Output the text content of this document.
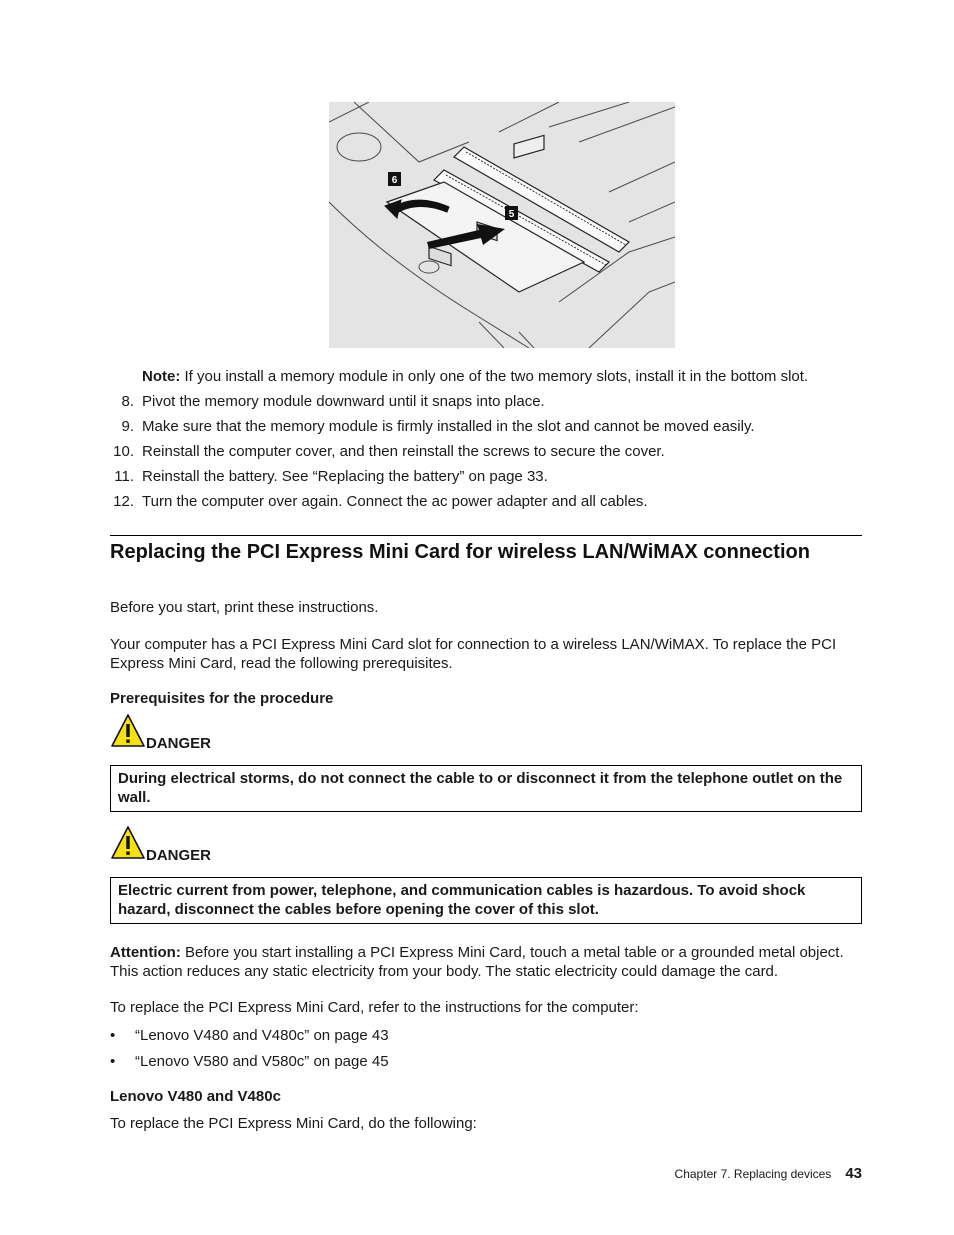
6
5
Note: If you install a memory module in only one of the two memory slots, install it in the bottom slot.
8. Pivot the memory module downward until it snaps into place.
9. Make sure that the memory module is firmly installed in the slot and cannot be moved easily.
10. Reinstall the computer cover, and then reinstall the screws to secure the cover.
11. Reinstall the battery. See “Replacing the battery” on page 33.
12. Turn the computer over again. Connect the ac power adapter and all cables.
Replacing the PCI Express Mini Card for wireless LAN/WiMAX connection
Before you start, print these instructions.
Your computer has a PCI Express Mini Card slot for connection to a wireless LAN/WiMAX. To replace the PCI Express Mini Card, read the following prerequisites.
Prerequisites for the procedure
DANGER
During electrical storms, do not connect the cable to or disconnect it from the telephone outlet on the wall.
DANGER
Electric current from power, telephone, and communication cables is hazardous. To avoid shock hazard, disconnect the cables before opening the cover of this slot.
Attention: Before you start installing a PCI Express Mini Card, touch a metal table or a grounded metal object. This action reduces any static electricity from your body. The static electricity could damage the card.
To replace the PCI Express Mini Card, refer to the instructions for the computer:
• “Lenovo V480 and V480c” on page 43
• “Lenovo V580 and V580c” on page 45
Lenovo V480 and V480c
To replace the PCI Express Mini Card, do the following:
Chapter 7. Replacing devices 43
